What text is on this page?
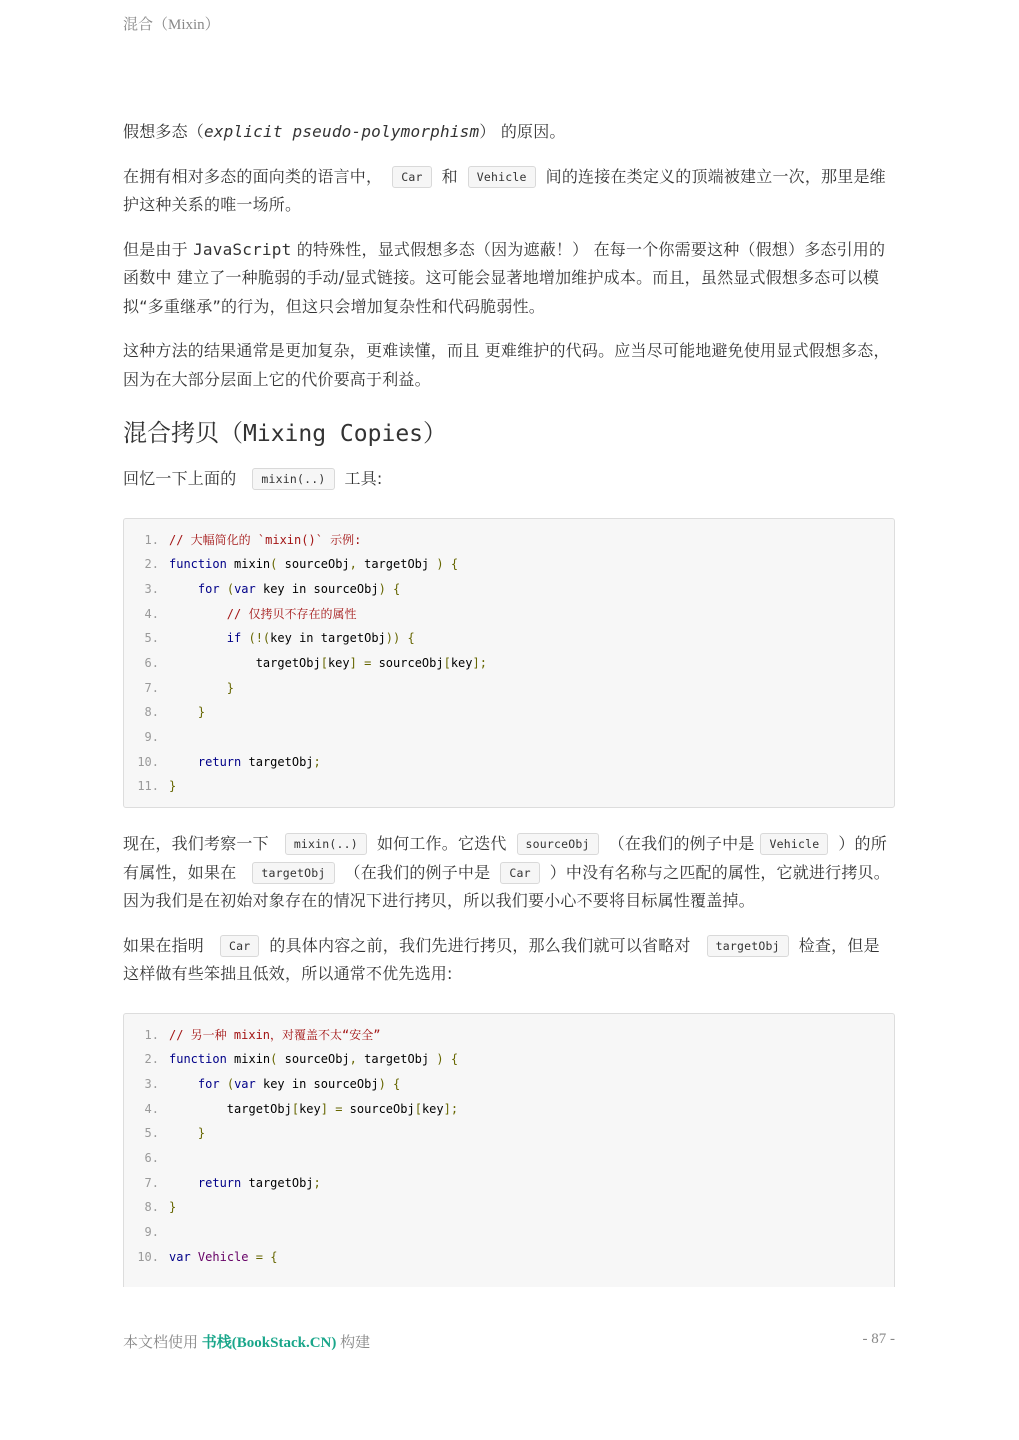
混合（Mixin）

假想多态（explicit pseudo-polymorphism） 的原因。

在拥有相对多态的面向类的语言中， Car 和 Vehicle 间的连接在类定义的顶端被建立一次，那里是维护这种关系的唯一场所。

但是由于 JavaScript 的特殊性，显式假想多态（因为遮蔽！） 在每一个你需要这种（假想）多态引用的函数中 建立了一种脆弱的手动/显式链接。这可能会显著地增加维护成本。而且，虽然显式假想多态可以模拟“多重继承”的行为，但这只会增加复杂性和代码脆弱性。

这种方法的结果通常是更加复杂，更难读懂，而且 更难维护的代码。应当尽可能地避免使用显式假想多态，因为在大部分层面上它的代价要高于利益。

混合拷贝（Mixing Copies）

回忆一下上面的 mixin(..) 工具:

1. // 大幅简化的 `mixin()` 示例:
2. function mixin( sourceObj, targetObj ) {
3.	for (var key in sourceObj) {
4.	// 仅拷贝不存在的属性
5.	if (!(key in targetObj)) {
6.            targetObj[key] = sourceObj[key];
7.	}
8.	}
9.
10.	return targetObj;
11. }

现在，我们考察一下 mixin(..) 如何工作。它迭代 sourceObj （在我们的例子中是 Vehicle ）的所有属性，如果在 targetObj （在我们的例子中是 Car ）中没有名称与之匹配的属性，它就进行拷贝。因为我们是在初始对象存在的情况下进行拷贝，所以我们要小心不要将目标属性覆盖掉。

如果在指明 Car 的具体内容之前，我们先进行拷贝，那么我们就可以省略对 targetObj 检查，但是这样做有些笨拙且低效，所以通常不优先选用:

1. // 另一种 mixin，对覆盖不太“安全”
2. function mixin( sourceObj, targetObj ) {
3.	for (var key in sourceObj) {
4.        targetObj[key] = sourceObj[key];
5.	}
6.
7.	return targetObj;
8. }
9.
10. var Vehicle = {
本文档使用 书栈(BookStack.CN) 构建	- 87 -
